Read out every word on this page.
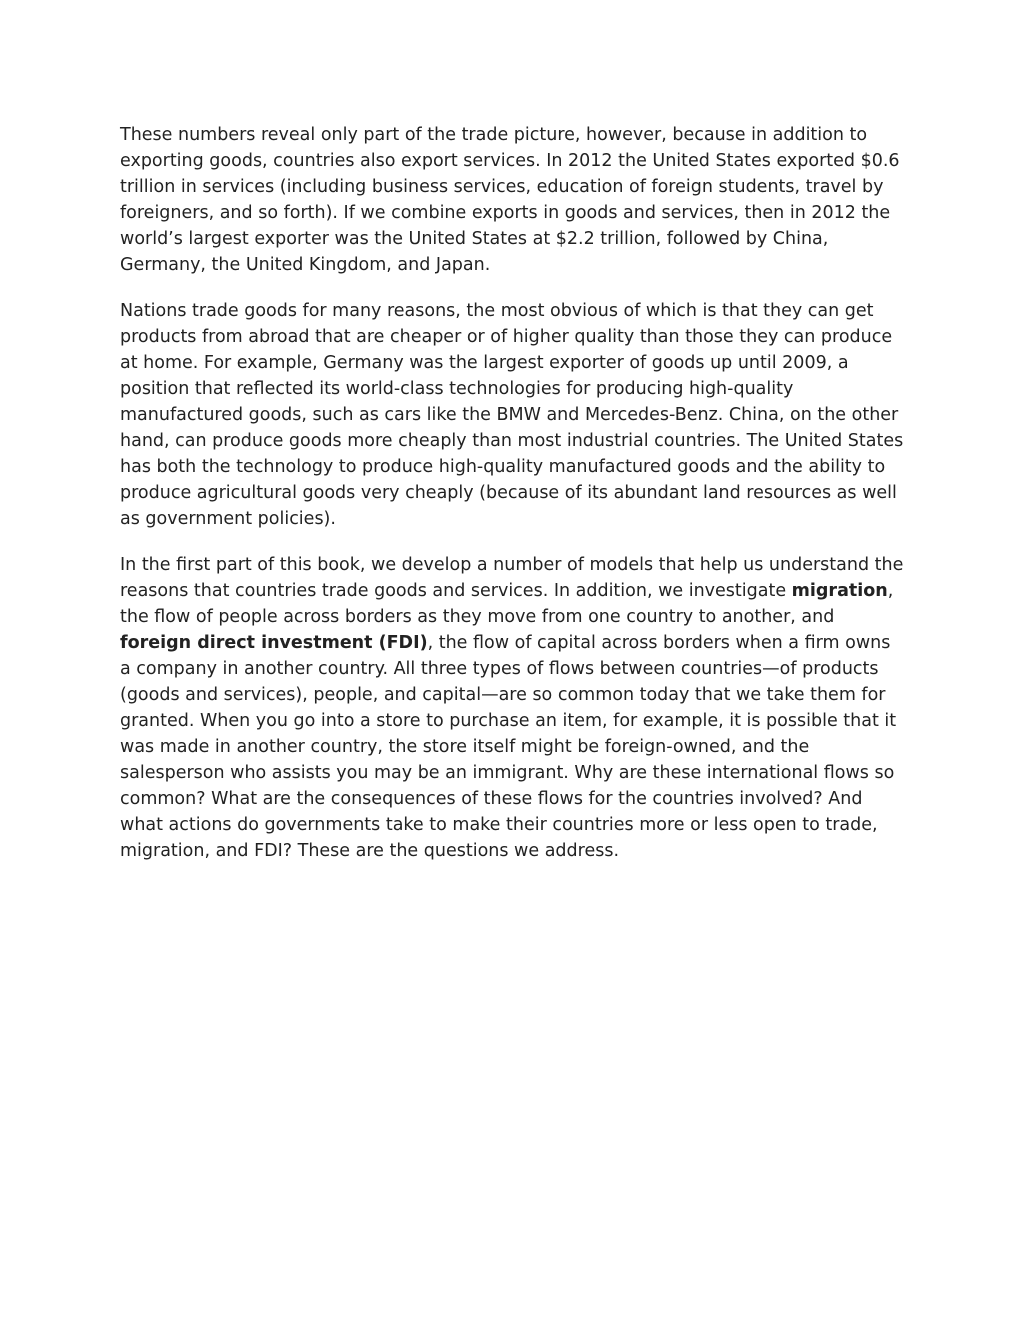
These numbers reveal only part of the trade picture, however, because in addition to exporting goods, countries also export services. In 2012 the United States exported $0.6 trillion in services (including business services, education of foreign students, travel by foreigners, and so forth). If we combine exports in goods and services, then in 2012 the world’s largest exporter was the United States at $2.2 trillion, followed by China, Germany, the United Kingdom, and Japan.

Nations trade goods for many reasons, the most obvious of which is that they can get products from abroad that are cheaper or of higher quality than those they can produce at home. For example, Germany was the largest exporter of goods up until 2009, a position that reflected its world-class technologies for producing high-quality manufactured goods, such as cars like the BMW and Mercedes-Benz. China, on the other hand, can produce goods more cheaply than most industrial countries. The United States has both the technology to produce high-quality manufactured goods and the ability to produce agricultural goods very cheaply (because of its abundant land resources as well as government policies).

In the first part of this book, we develop a number of models that help us understand the reasons that countries trade goods and services. In addition, we investigate migration, the flow of people across borders as they move from one country to another, and foreign direct investment (FDI), the flow of capital across borders when a firm owns a company in another country. All three types of flows between countries—of products (goods and services), people, and capital—are so common today that we take them for granted. When you go into a store to purchase an item, for example, it is possible that it was made in another country, the store itself might be foreign-owned, and the salesperson who assists you may be an immigrant. Why are these international flows so common? What are the consequences of these flows for the countries involved? And what actions do governments take to make their countries more or less open to trade, migration, and FDI? These are the questions we address.
